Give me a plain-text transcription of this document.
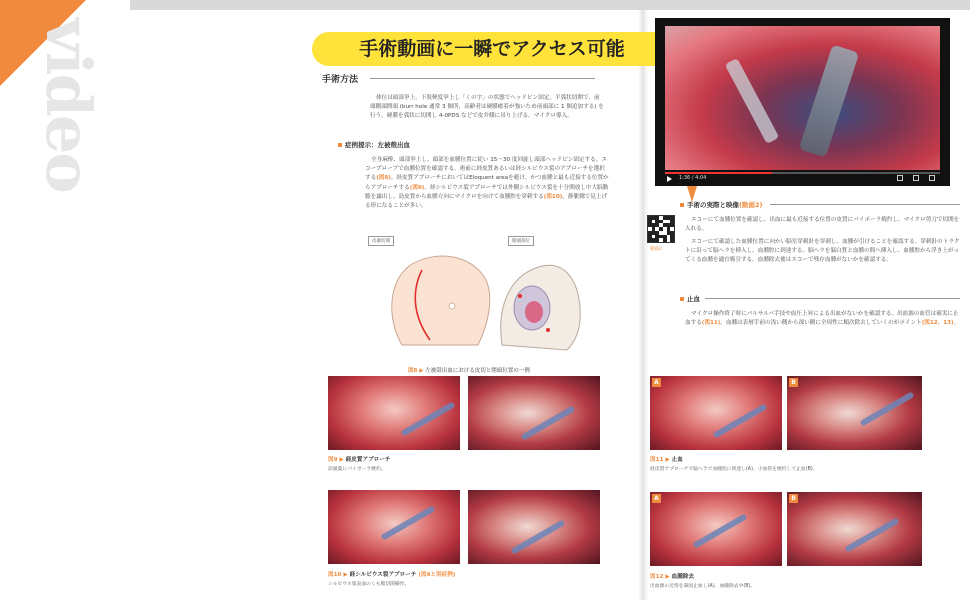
video	手術動画に一瞬でアクセス可能
手術方法
体位は頭部挙上、下肢軽度挙上し「くの字」の状態でヘッドピン固定。半弧状切開で、前頭側頭開頭 (burr hole 通常 3 個所、高齢者は硬膜癒着が強いため前頭部に 1 個追加する) を行う。硬膜を弧状に切開し 4-0PDS などで皮弁側に吊り上げる。マイクロ導入。
症例提示：左被殻出血
全身麻酔、頭部挙上し、頭部を血腫位置に従い 15～30 度回旋し頭部ヘッドピン固定する。エコープローブで血腫位置を確認する。術前に経皮質あるいは経シルビウス裂のアプローチを選択する(図8)。経皮質アプローチにおいてはEloquent areaを避け、かつ血腫と最も近接する位置からアプローチする(図9)。経シルビウス裂アプローチでは外側シルビウス裂を十分開放し中大脳動脈を露出し、島皮質から血腫方向にマイクロを向けて血腫腔を穿刺する(図10)。静脈側で見上げる形になることが多い。
図9 ▶ 経皮質アプローチ
前頭葉にバイポーラ焼灼。
図10 ▶ 経シルビウス裂アプローチ (図9と別症例)
シルビウス裂表面のくも膜切開操作。
皮膚切開	開頭部位
図8 ▶ 左被殻出血における皮切と開頭位置の一例
手術の実際と映像(動画2)
エコーにて血腫位置を確認し、出血に最も近接する位置の皮質にバイポーラ焼灼し、マイクロ剪刀で切開を入れる。
エコーにて確認した血腫位置に向かい脳室穿刺針を穿刺し、血腫が引けることを確認する。穿刺針のトラクトに沿って脳ヘラを挿入し、血腫腔に到達する。脳ヘラを脳白質と血腫の間へ挿入し、血腫腔から浮き上がってくる血腫を適宜吸引する。血腫除去後はエコーで残存血腫がないかを確認する。
止血
マイクロ操作終了時にバルサルバ手技や血圧上昇による出血がないかを確認する。出血源の血管は確実に止血する(図11)。血腫は表層手前の浅い側から深い側に全周性に順次除去していくのがポイント(図12、13)。
A	B
図11 ▶ 止血
経皮質アプローチで脳ヘラで血腫腔に到達し(A)、小血管を焼灼して止血(B)。
A	B
図12 ▶ 血腫除去
出血源の近傍を凝固止血し(A)、血腫除去中(B)。
1:36 / 4:04
動画2
